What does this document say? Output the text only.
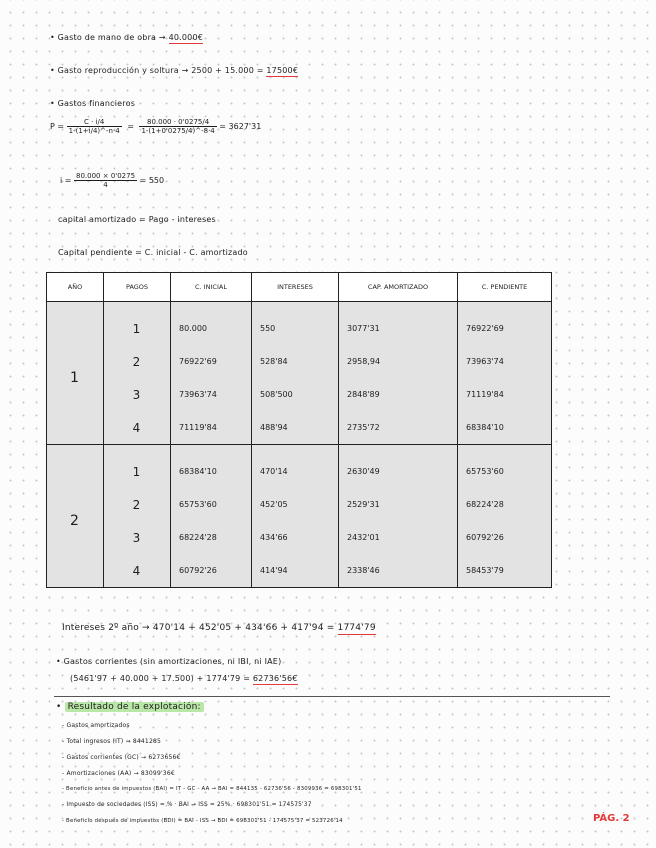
• Gasto de mano de obra → 40.000€
• Gasto reproducción y soltura → 2500 + 15.000 = 17500€
• Gastos financieros
$P = \frac{C \cdot i/4}{1-(1+i/4)\^{}-n\cdot 4} = \frac{80.000 \cdot 0'0275/4}{1-(1+0'0275/4)\^{}-8\cdot 4} = 3627'31$
$i = \frac{80.000 \times 0'0275}{4} = 550$
capital amortizado = Pago - intereses
Capital pendiente = C. inicial - C. amortizado
AÑO	PAGOS	C. INICIAL	INTERESES	CAP. AMORTIZADO	C. PENDIENTE

1	1	80.000	550	3077'31	76922'69
	2	76922'69	528'84	2958,94	73963'74
	3	73963'74	508'500	2848'89	71119'84
	4	71119'84	488'94	2735'72	68384'10

2	1	68384'10	470'14	2630'49	65753'60
	2	65753'60	452'05	2529'31	68224'28
	3	68224'28	434'66	2432'01	60792'26
	4	60792'26	414'94	2338'46	58453'79
Intereses 2º año → 470'14 + 452'05 + 434'66 + 417'94 = 1774'79
• Gastos corrientes (sin amortizaciones, ni IBI, ni IAE)
(5461'97 + 40.000 + 17.500) + 1774'79 = 62736'56€
• Resultado de la explotación:
- Gastos amortizados
- Total ingresos (IT) → 8441285
- Gastos corrientes (GC) → 6273656€
- Amortizaciones (AA) → 83099'36€
- Beneficio antes de impuestos (BAI) = IT - GC - AA → BAI = 844135 - 62736'56 - 8309936 = 698301'51
- Impuesto de sociedades (ISS) = % · BAI → ISS = 25% · 698301'51 = 174575'37
- Beneficio después de impuestos (BDI) = BAI - ISS → BDI = 698301'51 - 174575'37 = 523726'14	PÁG. 2
